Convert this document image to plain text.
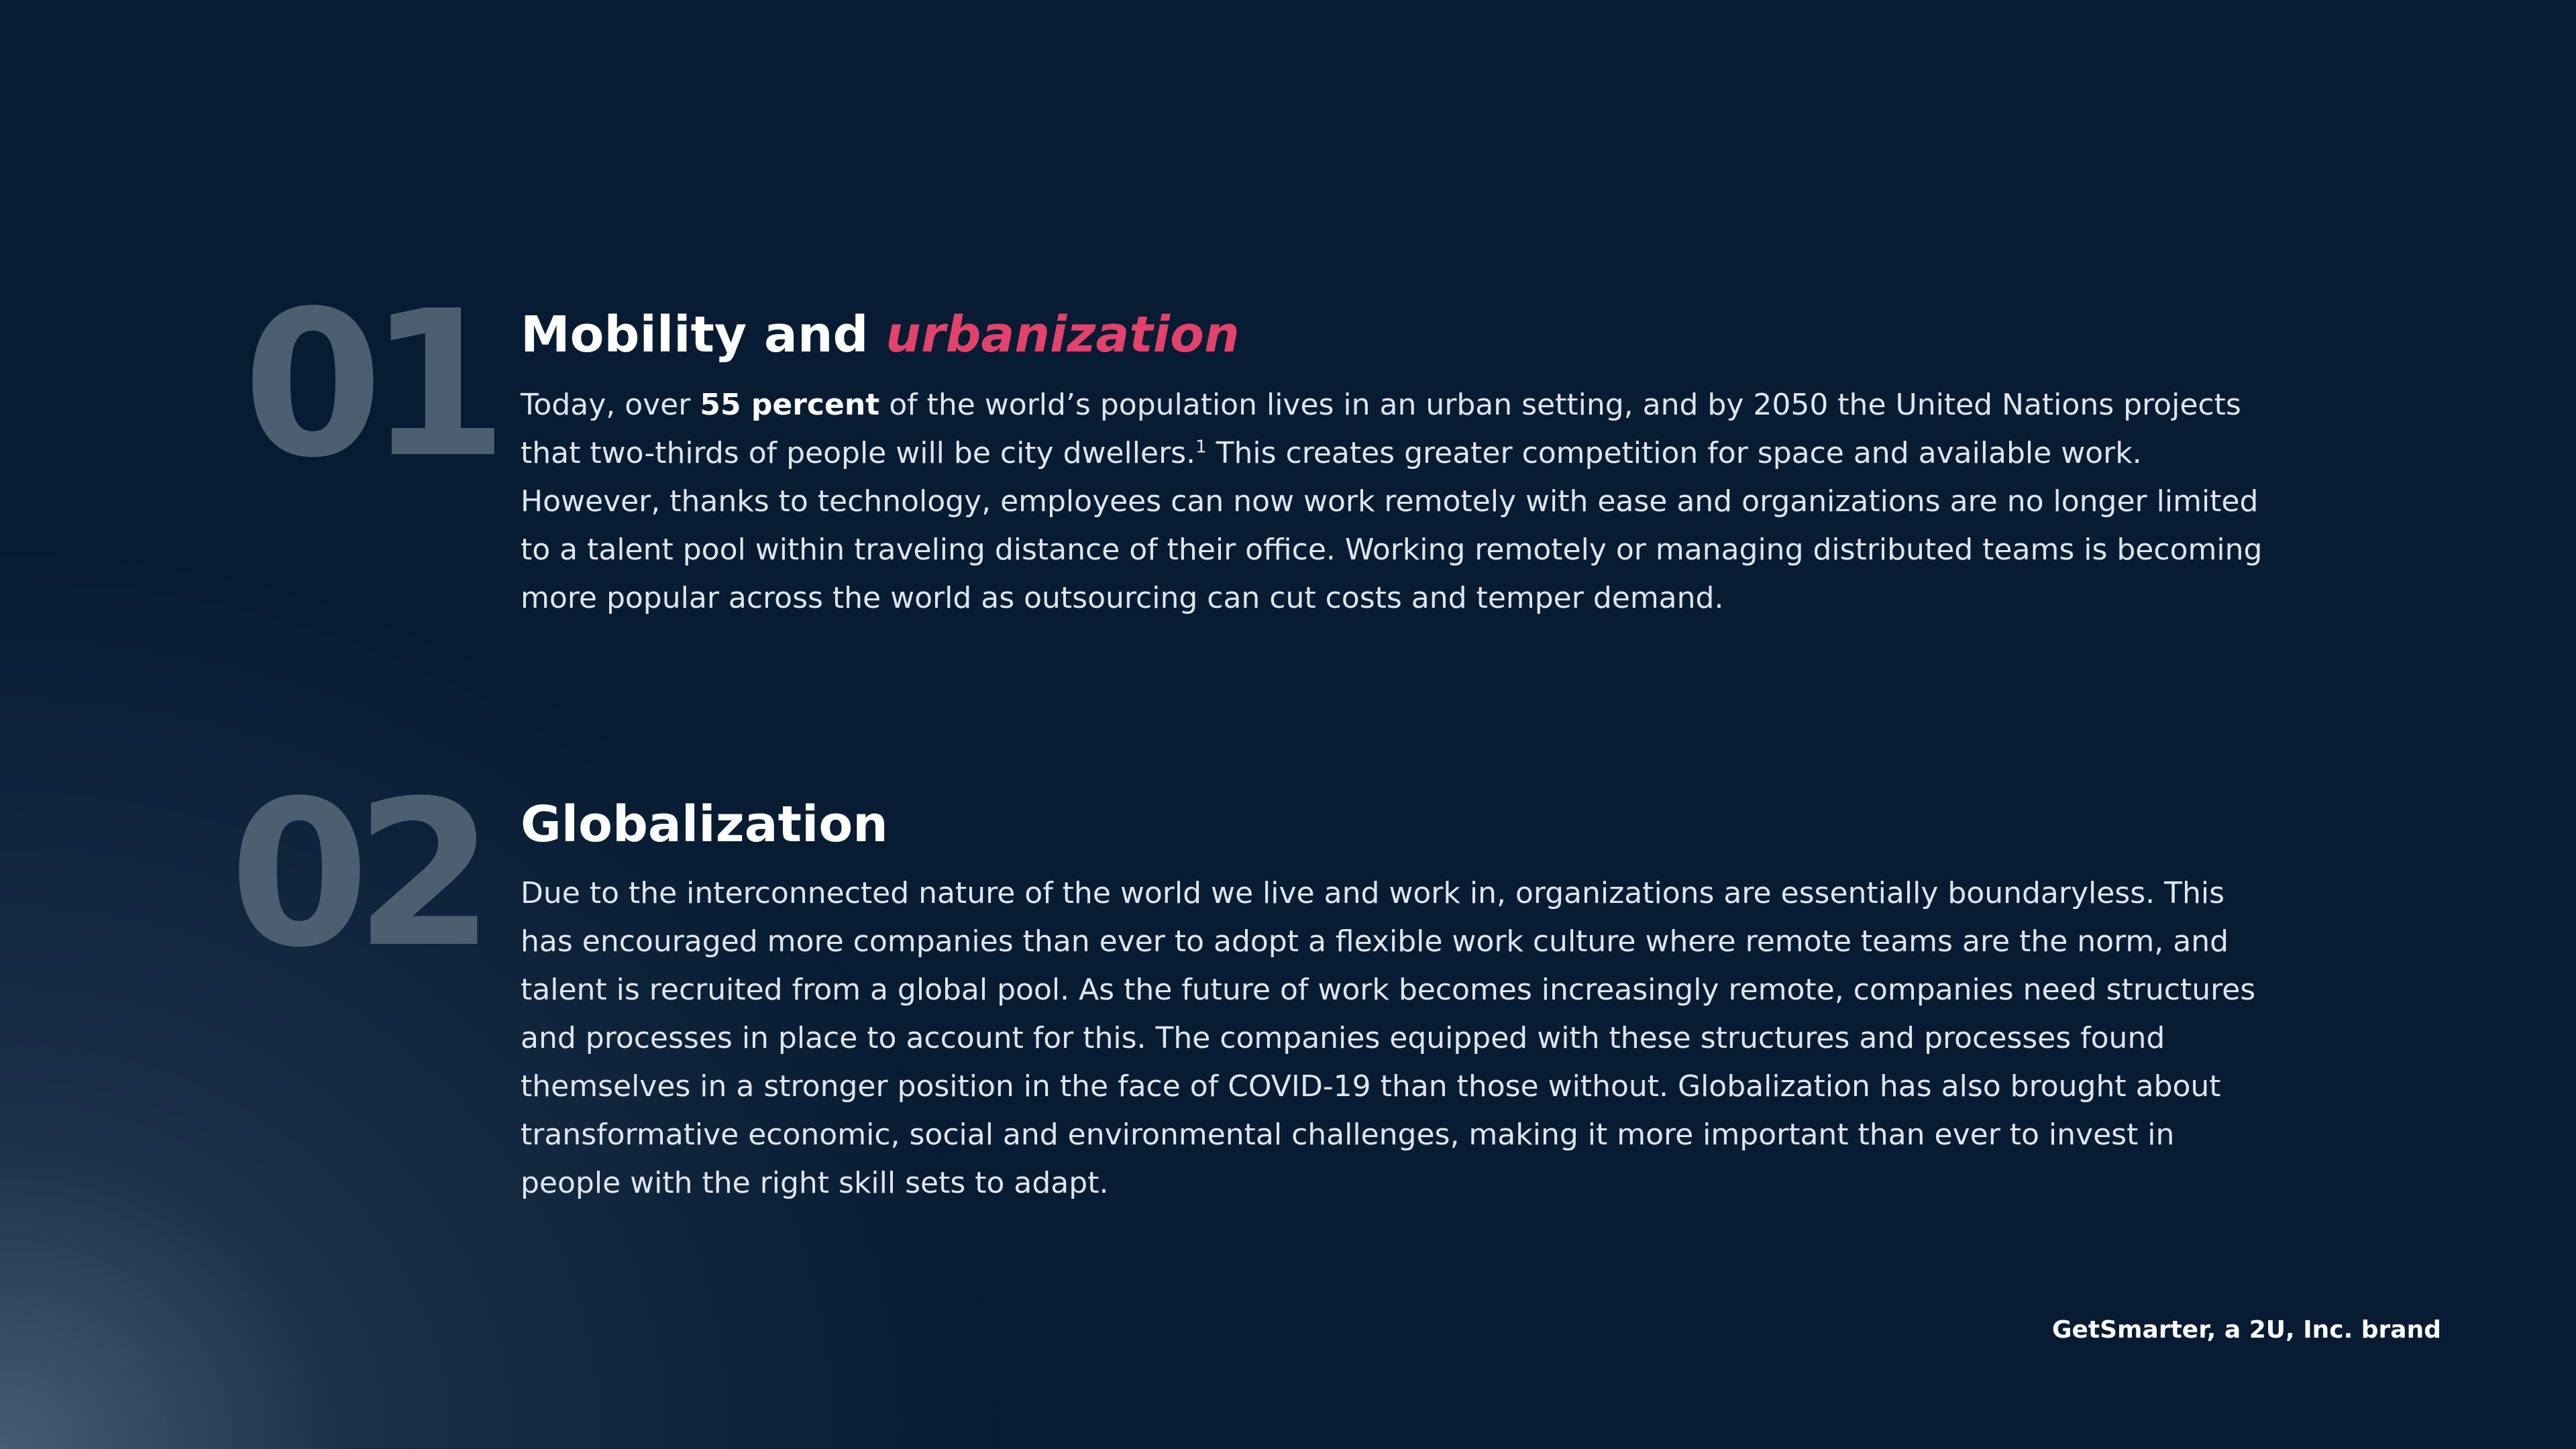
01 Mobility and urbanization

Today, over 55 percent of the world’s population lives in an urban setting, and by 2050 the United Nations projects that two-thirds of people will be city dwellers.$^1$ This creates greater competition for space and available work. However, thanks to technology, employees can now work remotely with ease and organizations are no longer limited to a talent pool within traveling distance of their office. Working remotely or managing distributed teams is becoming more popular across the world as outsourcing can cut costs and temper demand.

02 Globalization

Due to the interconnected nature of the world we live and work in, organizations are essentially boundaryless. This has encouraged more companies than ever to adopt a flexible work culture where remote teams are the norm, and talent is recruited from a global pool. As the future of work becomes increasingly remote, companies need structures and processes in place to account for this. The companies equipped with these structures and processes found themselves in a stronger position in the face of COVID-19 than those without. Globalization has also brought about transformative economic, social and environmental challenges, making it more important than ever to invest in people with the right skill sets to adapt.

GetSmarter, a 2U, Inc. brand
